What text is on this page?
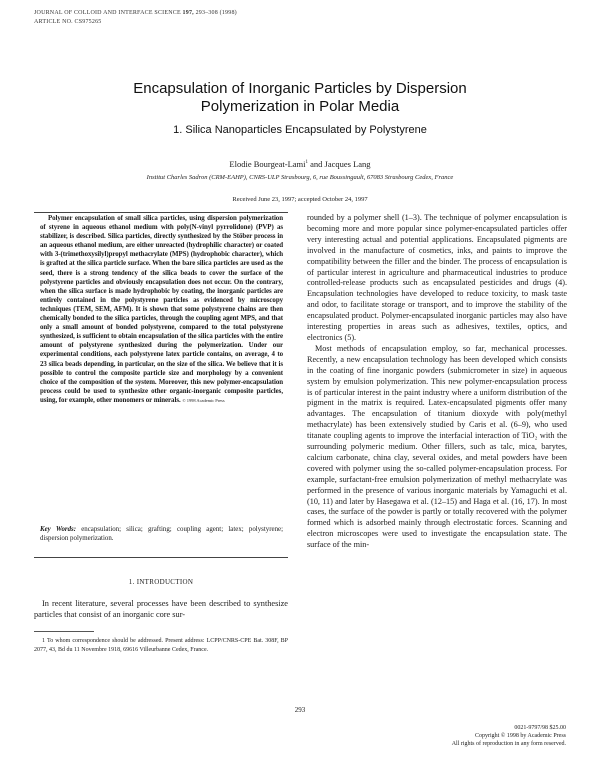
JOURNAL OF COLLOID AND INTERFACE SCIENCE 197, 293–308 (1998)
ARTICLE NO. CS975265
Encapsulation of Inorganic Particles by Dispersion
Polymerization in Polar Media
1. Silica Nanoparticles Encapsulated by Polystyrene
Elodie Bourgeat-Lami$^1$ and Jacques Lang
Institut Charles Sadron (CRM-EAHP), CNRS-ULP Strasbourg, 6, rue Boussingault, 67083 Strasbourg Cedex, France
Received June 23, 1997; accepted October 24, 1997

Polymer encapsulation of small silica particles, using dispersion polymerization of styrene in aqueous ethanol medium with poly(N-vinyl pyrrolidone) (PVP) as stabilizer, is described. Silica particles, directly synthesized by the Stöber process in an aqueous ethanol medium, are either unreacted (hydrophilic character) or coated with 3-(trimethoxysilyl)propyl methacrylate (MPS) (hydrophobic character), which is grafted at the silica particle surface. When the bare silica particles are used as the seed, there is a strong tendency of the silica beads to cover the surface of the polystyrene particles and obviously encapsulation does not occur. On the contrary, when the silica surface is made hydrophobic by coating, the inorganic particles are entirely contained in the polystyrene particles as evidenced by microscopy techniques (TEM, SEM, AFM). It is shown that some polystyrene chains are then chemically bonded to the silica particles, through the coupling agent MPS, and that only a small amount of bonded polystyrene, compared to the total polystyrene synthesized, is sufficient to obtain encapsulation of the silica particles with the entire amount of polystyrene synthesized during the polymerization. Under our experimental conditions, each polystyrene latex particle contains, on average, 4 to 23 silica beads depending, in particular, on the size of the silica. We believe that it is possible to control the composite particle size and morphology by a convenient choice of the composition of the system. Moreover, this new polymer-encapsulation process could be used to synthesize other organic-inorganic composite particles, using, for example, other monomers or minerals. © 1998 Academic Press

Key Words: encapsulation; silica; grafting; coupling agent; latex; polystyrene; dispersion polymerization.
1. INTRODUCTION
In recent literature, several processes have been described to synthesize particles that consist of an inorganic core sur-
1 To whom correspondence should be addressed. Present address: LCPP/CNRS-CPE Bat. 308F, BP 2077, 43, Bd du 11 Novembre 1918, 69616 Villeurbanne Cedex, France.

rounded by a polymer shell (1–3). The technique of polymer encapsulation is becoming more and more popular since polymer-encapsulated particles offer very interesting actual and potential applications. Encapsulated pigments are involved in the manufacture of cosmetics, inks, and paints to improve the compatibility between the filler and the binder. The process of encapsulation is of particular interest in agriculture and pharmaceutical industries to produce controlled-release products such as encapsulated pesticides and drugs (4). Encapsulation technologies have developed to reduce toxicity, to mask taste and odor, to facilitate storage or transport, and to improve the stability of the encapsulated product. Polymer-encapsulated inorganic particles may also have interesting properties in areas such as adhesives, textiles, optics, and electronics (5).

Most methods of encapsulation employ, so far, mechanical processes. Recently, a new encapsulation technology has been developed which consists in the coating of fine inorganic powders (submicrometer in size) in aqueous system by emulsion polymerization. This new polymer-encapsulation process is of particular interest in the paint industry where a uniform distribution of the pigment in the matrix is required. Latex-encapsulated pigments offer many advantages. The encapsulation of titanium dioxyde with poly(methyl methacrylate) has been extensively studied by Caris et al. (6–9), who used titanate coupling agents to improve the interfacial interaction of TiO₂ with the surrounding polymeric medium. Other fillers, such as talc, mica, barytes, calcium carbonate, china clay, several oxides, and metal powders have been covered with polymer using the so-called polymer-encapsulation process. For example, surfactant-free emulsion polymerization of methyl methacrylate was performed in the presence of various inorganic materials by Yamaguchi et al. (10, 11) and later by Hasegawa et al. (12–15) and Haga et al. (16, 17). In most cases, the surface of the powder is partly or totally recovered with the polymer formed which is adsorbed mainly through electrostatic forces. Scanning and electron microscopes were used to investigate the encapsulation state. The surface of the min-

293
0021-9797/98 $25.00
Copyright © 1998 by Academic Press
All rights of reproduction in any form reserved.
